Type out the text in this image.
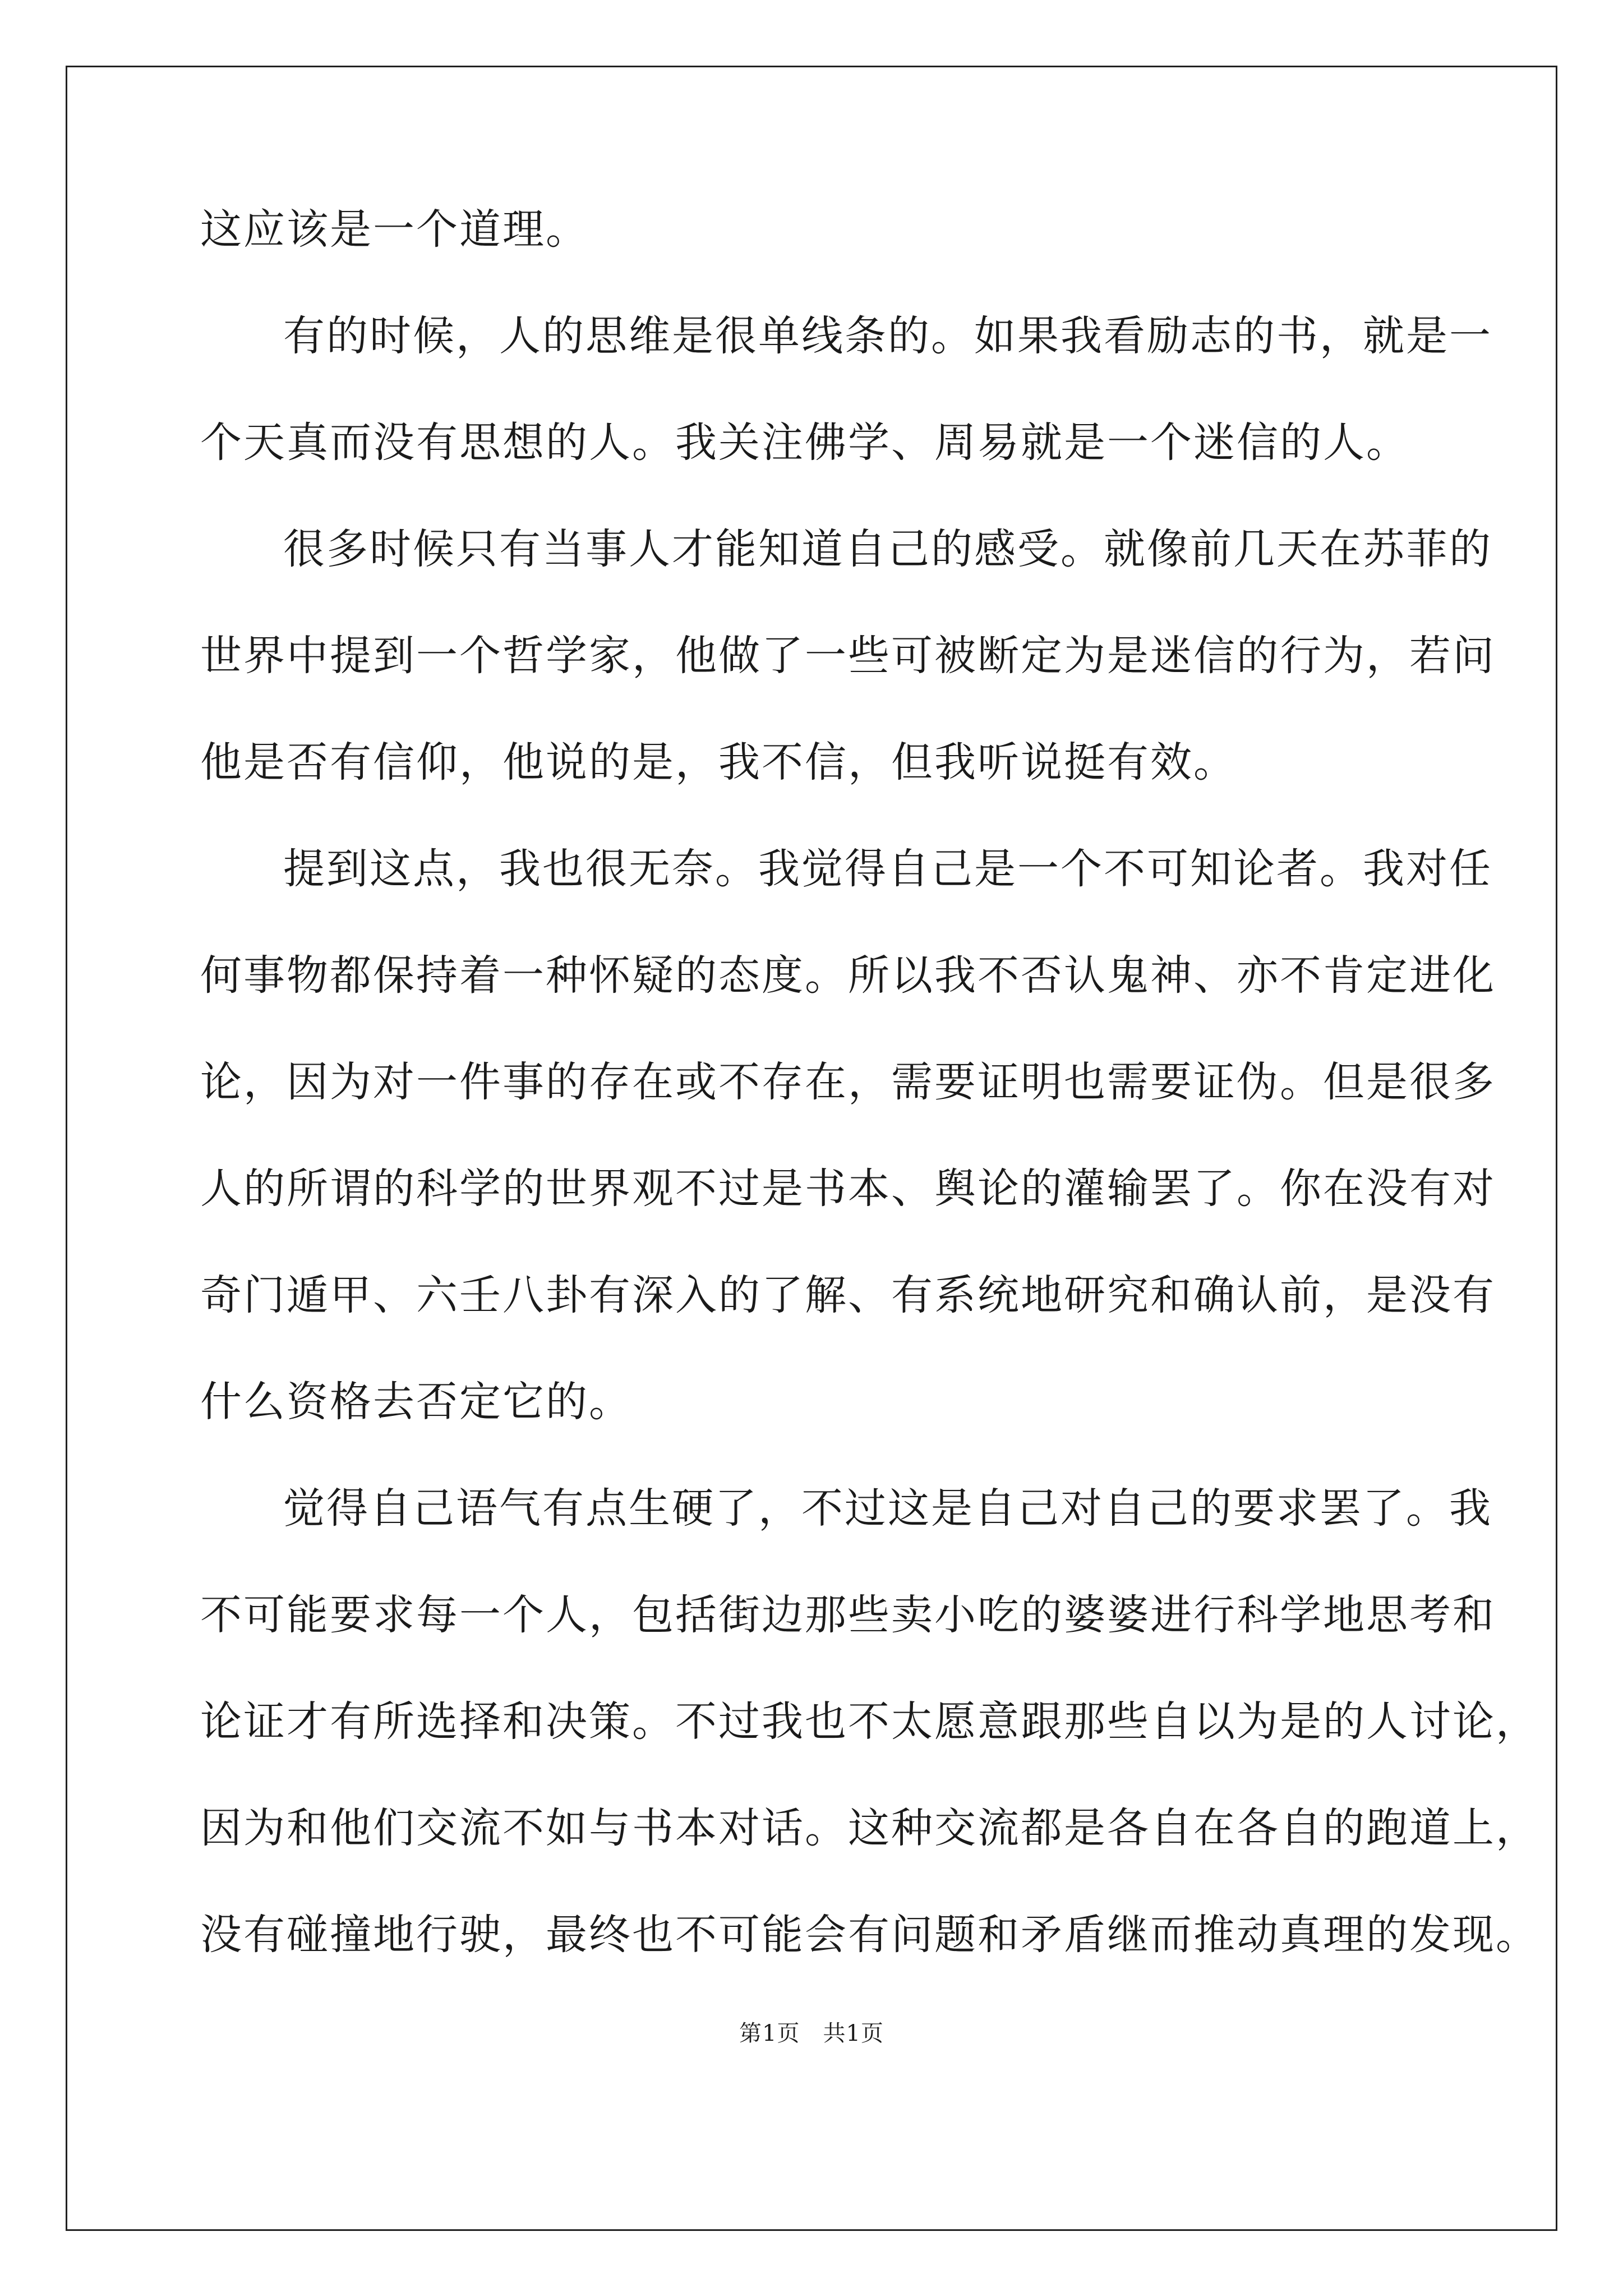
这应该是一个道理。
有的时候，人的思维是很单线条的。如果我看励志的书，就是一
个天真而没有思想的人。我关注佛学、周易就是一个迷信的人。
很多时候只有当事人才能知道自己的感受。就像前几天在苏菲的
世界中提到一个哲学家，他做了一些可被断定为是迷信的行为，若问
他是否有信仰，他说的是，我不信，但我听说挺有效。
提到这点，我也很无奈。我觉得自己是一个不可知论者。我对任
何事物都保持着一种怀疑的态度。所以我不否认鬼神、亦不肯定进化
论，因为对一件事的存在或不存在，需要证明也需要证伪。但是很多
人的所谓的科学的世界观不过是书本、舆论的灌输罢了。你在没有对
奇门遁甲、六壬八卦有深入的了解、有系统地研究和确认前，是没有
什么资格去否定它的。
觉得自己语气有点生硬了，不过这是自己对自己的要求罢了。我
不可能要求每一个人，包括街边那些卖小吃的婆婆进行科学地思考和
论证才有所选择和决策。不过我也不太愿意跟那些自以为是的人讨论，
因为和他们交流不如与书本对话。这种交流都是各自在各自的跑道上，
没有碰撞地行驶，最终也不可能会有问题和矛盾继而推动真理的发现。
第1页　共1页
